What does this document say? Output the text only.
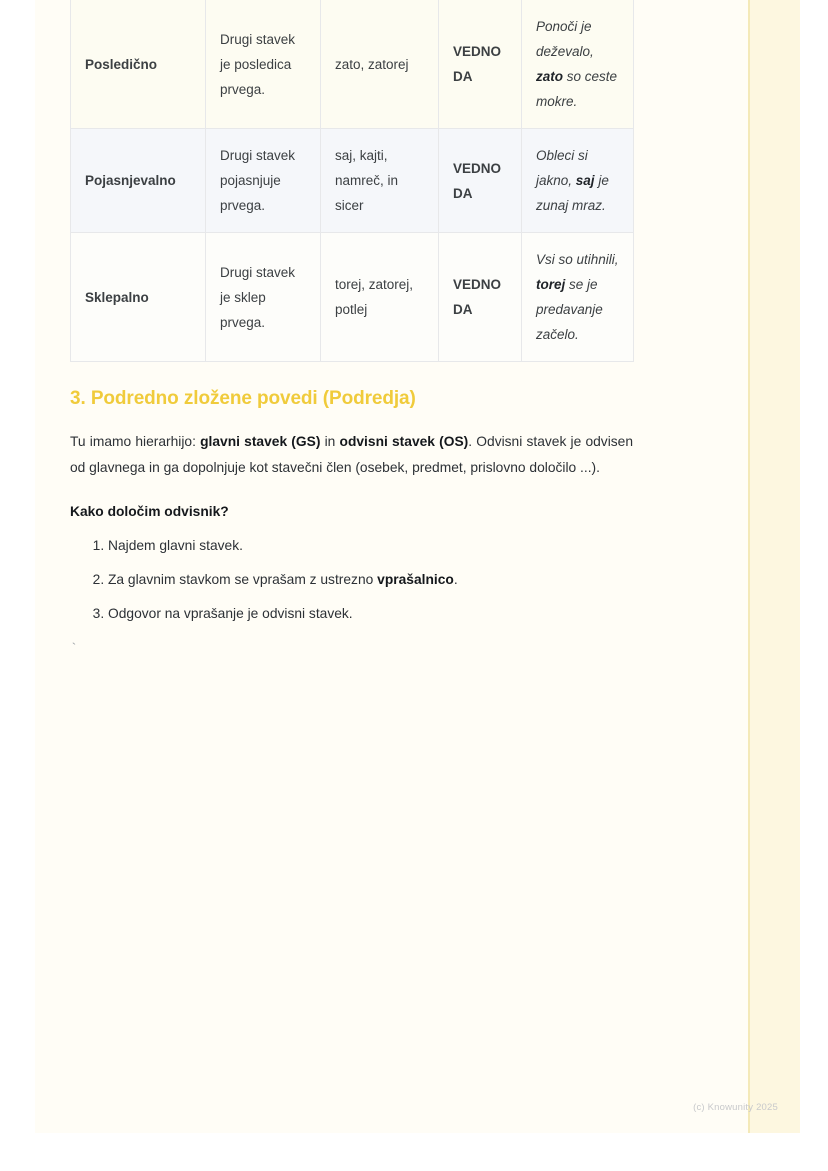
Posledično	Drugi stavek je posledica prvega.	zato, zatorej	VEDNO DA	Ponoči je deževalo, zato so ceste mokre.
Pojasnjevalno	Drugi stavek pojasnjuje prvega.	saj, kajti, namreč, in sicer	VEDNO DA	Obleci si jakno, saj je zunaj mraz.
Sklepalno	Drugi stavek je sklep prvega.	torej, zatorej, potlej	VEDNO DA	Vsi so utihnili, torej se je predavanje začelo.
3. Podredno zložene povedi (Podredja)

Tu imamo hierarhijo: glavni stavek (GS) in odvisni stavek (OS). Odvisni stavek je odvisen od glavnega in ga dopolnjuje kot stavečni člen (osebek, predmet, prislovno določilo ...).

Kako določim odvisnik?
1. Najdem glavni stavek.
2. Za glavnim stavkom se vprašam z ustrezno vprašalnico.
3. Odgovor na vprašanje je odvisni stavek.
`
(c) Knowunity 2025
